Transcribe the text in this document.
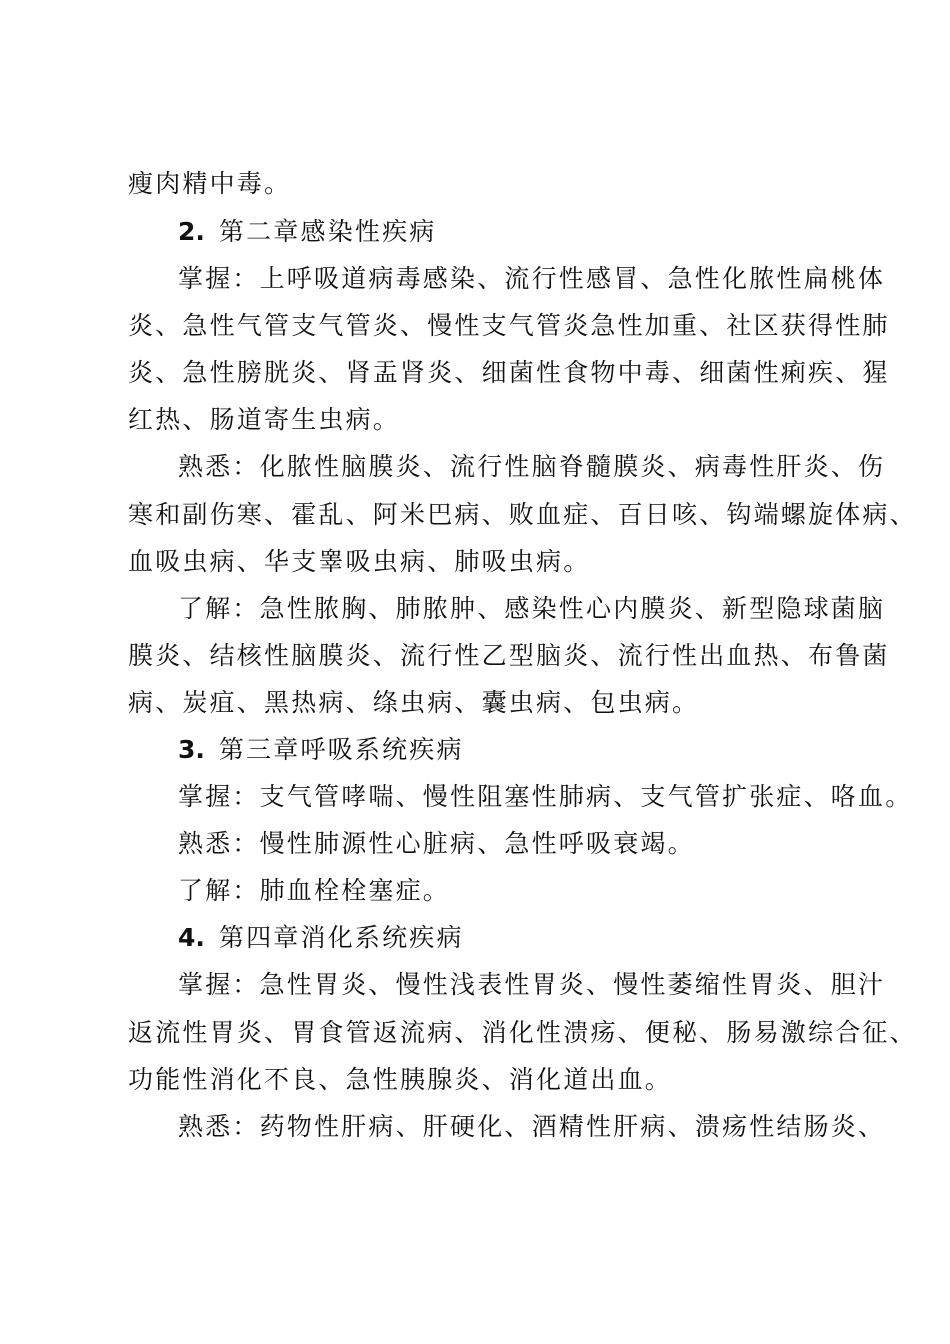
瘦肉精中毒。
2. 第二章感染性疾病
掌握：上呼吸道病毒感染、流行性感冒、急性化脓性扁桃体
炎、急性气管支气管炎、慢性支气管炎急性加重、社区获得性肺
炎、急性膀胱炎、肾盂肾炎、细菌性食物中毒、细菌性痢疾、猩
红热、肠道寄生虫病。
熟悉：化脓性脑膜炎、流行性脑脊髓膜炎、病毒性肝炎、伤
寒和副伤寒、霍乱、阿米巴病、败血症、百日咳、钩端螺旋体病、
血吸虫病、华支睾吸虫病、肺吸虫病。
了解：急性脓胸、肺脓肿、感染性心内膜炎、新型隐球菌脑
膜炎、结核性脑膜炎、流行性乙型脑炎、流行性出血热、布鲁菌
病、炭疽、黑热病、绦虫病、囊虫病、包虫病。
3. 第三章呼吸系统疾病
掌握：支气管哮喘、慢性阻塞性肺病、支气管扩张症、咯血。
熟悉：慢性肺源性心脏病、急性呼吸衰竭。
了解：肺血栓栓塞症。
4. 第四章消化系统疾病
掌握：急性胃炎、慢性浅表性胃炎、慢性萎缩性胃炎、胆汁
返流性胃炎、胃食管返流病、消化性溃疡、便秘、肠易激综合征、
功能性消化不良、急性胰腺炎、消化道出血。
熟悉：药物性肝病、肝硬化、酒精性肝病、溃疡性结肠炎、
